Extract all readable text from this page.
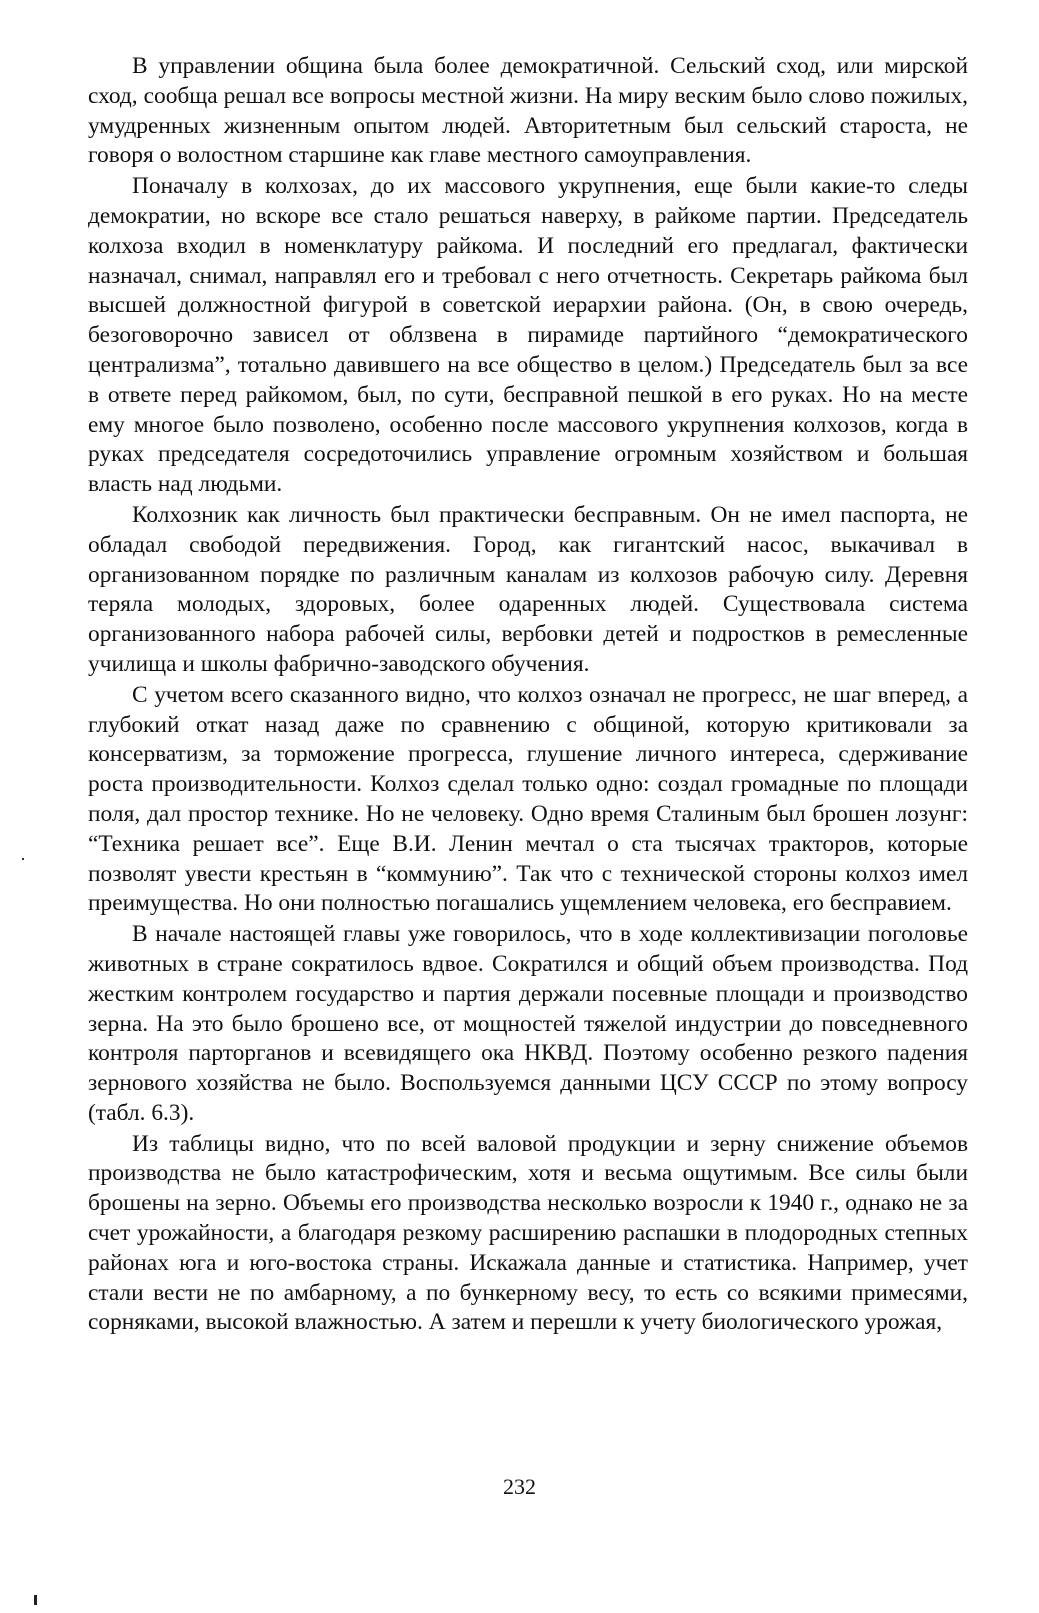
В управлении община была более демократичной. Сельский сход, или мирской сход, сообща решал все вопросы местной жизни. На миру веским было слово пожилых, умудренных жизненным опытом людей. Авторитетным был сельский староста, не говоря о волостном старшине как главе местного самоуправления.

Поначалу в колхозах, до их массового укрупнения, еще были какие-то следы демократии, но вскоре все стало решаться наверху, в райкоме партии. Председатель колхоза входил в номенклатуру райкома. И последний его предлагал, фактически назначал, снимал, направлял его и требовал с него отчетность. Секретарь райкома был высшей должностной фигурой в советской иерархии района. (Он, в свою очередь, безоговорочно зависел от облзвена в пирамиде партийного “демократического централизма”, тотально давившего на все общество в целом.) Председатель был за все в ответе перед райкомом, был, по сути, бесправной пешкой в его руках. Но на месте ему многое было позволено, особенно после массового укрупнения колхозов, когда в руках председателя сосредоточились управление огромным хозяйством и большая власть над людьми.

Колхозник как личность был практически бесправным. Он не имел паспорта, не обладал свободой передвижения. Город, как гигантский насос, выкачивал в организованном порядке по различным каналам из колхозов рабочую силу. Деревня теряла молодых, здоровых, более одаренных людей. Существовала система организованного набора рабочей силы, вербовки детей и подростков в ремесленные училища и школы фабрично-заводского обучения.

С учетом всего сказанного видно, что колхоз означал не прогресс, не шаг вперед, а глубокий откат назад даже по сравнению с общиной, которую критиковали за консерватизм, за торможение прогресса, глушение личного интереса, сдерживание роста производительности. Колхоз сделал только одно: создал громадные по площади поля, дал простор технике. Но не человеку. Одно время Сталиным был брошен лозунг: “Техника решает все”. Еще В.И. Ленин мечтал о ста тысячах тракторов, которые позволят увести крестьян в “коммунию”. Так что с технической стороны колхоз имел преимущества. Но они полностью погашались ущемлением человека, его бесправием.

В начале настоящей главы уже говорилось, что в ходе коллективизации поголовье животных в стране сократилось вдвое. Сократился и общий объем производства. Под жестким контролем государство и партия держали посевные площади и производство зерна. На это было брошено все, от мощностей тяжелой индустрии до повседневного контроля парторганов и всевидящего ока НКВД. Поэтому особенно резкого падения зернового хозяйства не было. Воспользуемся данными ЦСУ СССР по этому вопросу (табл. 6.3).

Из таблицы видно, что по всей валовой продукции и зерну снижение объемов производства не было катастрофическим, хотя и весьма ощутимым. Все силы были брошены на зерно. Объемы его производства несколько возросли к 1940 г., однако не за счет урожайности, а благодаря резкому расширению распашки в плодородных степных районах юга и юго-востока страны. Искажала данные и статистика. Например, учет стали вести не по амбарному, а по бункерному весу, то есть со всякими примесями, сорняками, высокой влажностью. А затем и перешли к учету биологического урожая,

232
